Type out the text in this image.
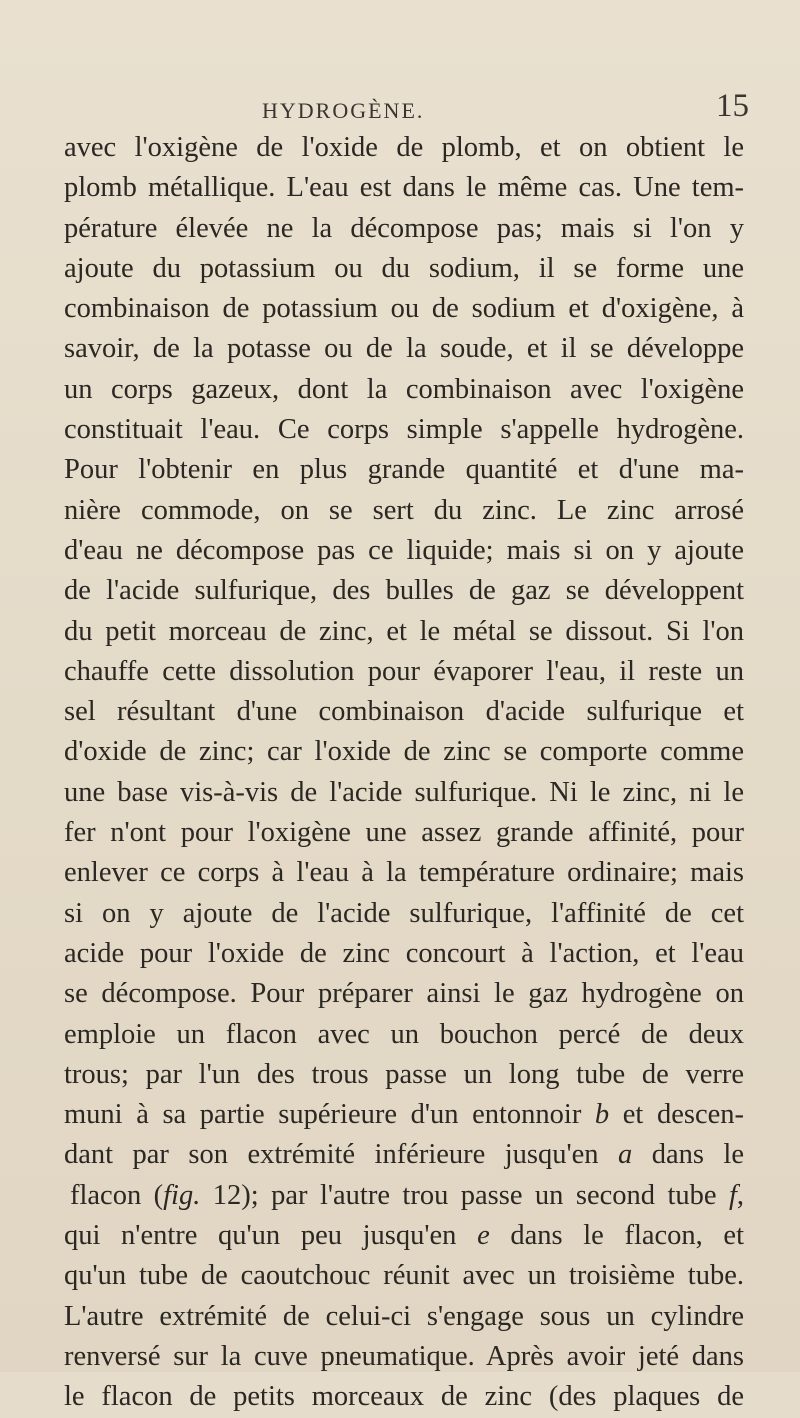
HYDROGÈNE.	15
avec l'oxigène de l'oxide de plomb, et on obtient le
plomb métallique. L'eau est dans le même cas. Une tem-
pérature élevée ne la décompose pas; mais si l'on y
ajoute du potassium ou du sodium, il se forme une
combinaison de potassium ou de sodium et d'oxigène, à
savoir, de la potasse ou de la soude, et il se développe
un corps gazeux, dont la combinaison avec l'oxigène
constituait l'eau. Ce corps simple s'appelle hydrogène.
Pour l'obtenir en plus grande quantité et d'une ma-
nière commode, on se sert du zinc. Le zinc arrosé
d'eau ne décompose pas ce liquide; mais si on y ajoute
de l'acide sulfurique, des bulles de gaz se développent
du petit morceau de zinc, et le métal se dissout. Si l'on
chauffe cette dissolution pour évaporer l'eau, il reste un
sel résultant d'une combinaison d'acide sulfurique et
d'oxide de zinc; car l'oxide de zinc se comporte comme
une base vis-à-vis de l'acide sulfurique. Ni le zinc, ni le
fer n'ont pour l'oxigène une assez grande affinité, pour
enlever ce corps à l'eau à la température ordinaire; mais
si on y ajoute de l'acide sulfurique, l'affinité de cet
acide pour l'oxide de zinc concourt à l'action, et l'eau
se décompose. Pour préparer ainsi le gaz hydrogène on
emploie un flacon avec un bouchon percé de deux
trous; par l'un des trous passe un long tube de verre
muni à sa partie supérieure d'un entonnoir b et descen-
dant par son extrémité inférieure jusqu'en a dans le
flacon (fig. 12); par l'autre trou passe un second tube f,
qui n'entre qu'un peu jusqu'en e dans le flacon, et
qu'un tube de caoutchouc réunit avec un troisième tube.
L'autre extrémité de celui-ci s'engage sous un cylindre
renversé sur la cuve pneumatique. Après avoir jeté dans
le flacon de petits morceaux de zinc (des plaques de
